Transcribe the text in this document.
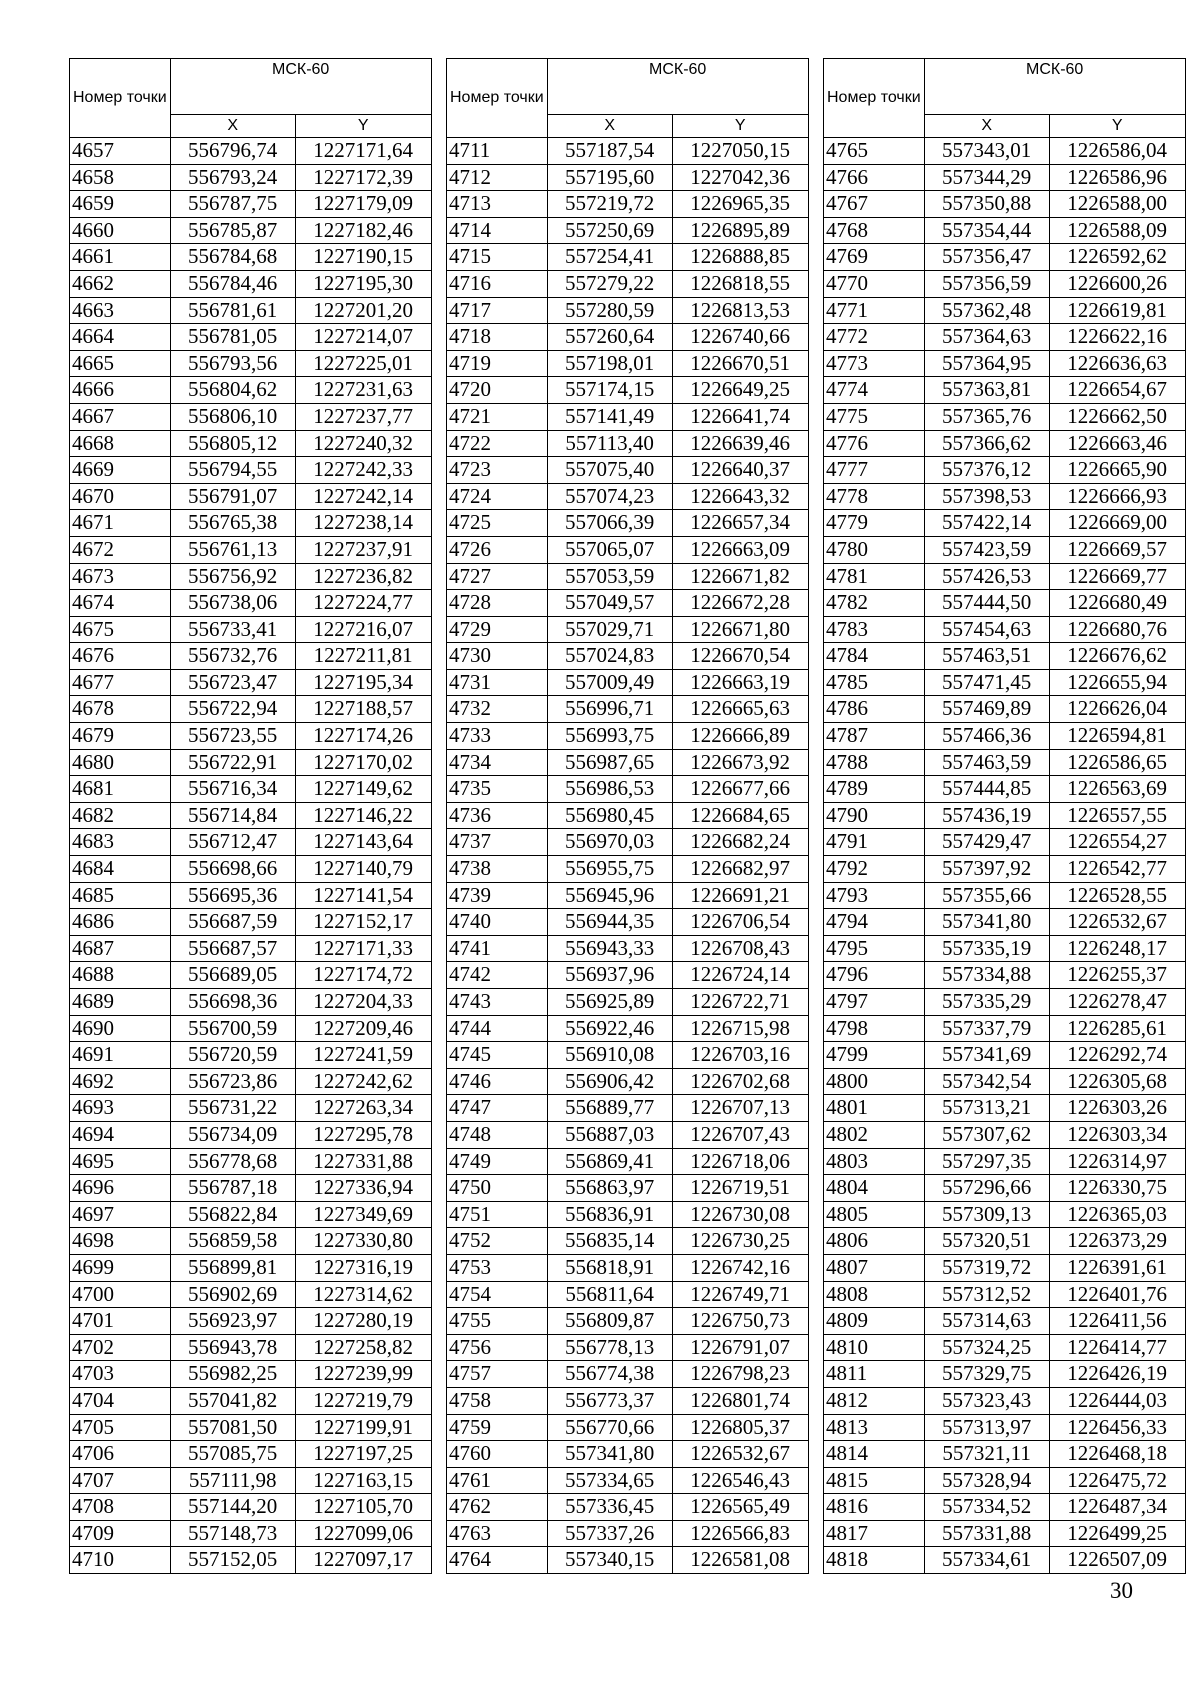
Номер точки	МСК-60	
	X	Y
4657	556796,74	1227171,64
4658	556793,24	1227172,39
4659	556787,75	1227179,09
4660	556785,87	1227182,46
4661	556784,68	1227190,15
4662	556784,46	1227195,30
4663	556781,61	1227201,20
4664	556781,05	1227214,07
4665	556793,56	1227225,01
4666	556804,62	1227231,63
4667	556806,10	1227237,77
4668	556805,12	1227240,32
4669	556794,55	1227242,33
4670	556791,07	1227242,14
4671	556765,38	1227238,14
4672	556761,13	1227237,91
4673	556756,92	1227236,82
4674	556738,06	1227224,77
4675	556733,41	1227216,07
4676	556732,76	1227211,81
4677	556723,47	1227195,34
4678	556722,94	1227188,57
4679	556723,55	1227174,26
4680	556722,91	1227170,02
4681	556716,34	1227149,62
4682	556714,84	1227146,22
4683	556712,47	1227143,64
4684	556698,66	1227140,79
4685	556695,36	1227141,54
4686	556687,59	1227152,17
4687	556687,57	1227171,33
4688	556689,05	1227174,72
4689	556698,36	1227204,33
4690	556700,59	1227209,46
4691	556720,59	1227241,59
4692	556723,86	1227242,62
4693	556731,22	1227263,34
4694	556734,09	1227295,78
4695	556778,68	1227331,88
4696	556787,18	1227336,94
4697	556822,84	1227349,69
4698	556859,58	1227330,80
4699	556899,81	1227316,19
4700	556902,69	1227314,62
4701	556923,97	1227280,19
4702	556943,78	1227258,82
4703	556982,25	1227239,99
4704	557041,82	1227219,79
4705	557081,50	1227199,91
4706	557085,75	1227197,25
4707	557111,98	1227163,15
4708	557144,20	1227105,70
4709	557148,73	1227099,06
4710	557152,05	1227097,17
Номер точки	МСК-60	
	X	Y
4711	557187,54	1227050,15
4712	557195,60	1227042,36
4713	557219,72	1226965,35
4714	557250,69	1226895,89
4715	557254,41	1226888,85
4716	557279,22	1226818,55
4717	557280,59	1226813,53
4718	557260,64	1226740,66
4719	557198,01	1226670,51
4720	557174,15	1226649,25
4721	557141,49	1226641,74
4722	557113,40	1226639,46
4723	557075,40	1226640,37
4724	557074,23	1226643,32
4725	557066,39	1226657,34
4726	557065,07	1226663,09
4727	557053,59	1226671,82
4728	557049,57	1226672,28
4729	557029,71	1226671,80
4730	557024,83	1226670,54
4731	557009,49	1226663,19
4732	556996,71	1226665,63
4733	556993,75	1226666,89
4734	556987,65	1226673,92
4735	556986,53	1226677,66
4736	556980,45	1226684,65
4737	556970,03	1226682,24
4738	556955,75	1226682,97
4739	556945,96	1226691,21
4740	556944,35	1226706,54
4741	556943,33	1226708,43
4742	556937,96	1226724,14
4743	556925,89	1226722,71
4744	556922,46	1226715,98
4745	556910,08	1226703,16
4746	556906,42	1226702,68
4747	556889,77	1226707,13
4748	556887,03	1226707,43
4749	556869,41	1226718,06
4750	556863,97	1226719,51
4751	556836,91	1226730,08
4752	556835,14	1226730,25
4753	556818,91	1226742,16
4754	556811,64	1226749,71
4755	556809,87	1226750,73
4756	556778,13	1226791,07
4757	556774,38	1226798,23
4758	556773,37	1226801,74
4759	556770,66	1226805,37
4760	557341,80	1226532,67
4761	557334,65	1226546,43
4762	557336,45	1226565,49
4763	557337,26	1226566,83
4764	557340,15	1226581,08
Номер точки	МСК-60	
	X	Y
4765	557343,01	1226586,04
4766	557344,29	1226586,96
4767	557350,88	1226588,00
4768	557354,44	1226588,09
4769	557356,47	1226592,62
4770	557356,59	1226600,26
4771	557362,48	1226619,81
4772	557364,63	1226622,16
4773	557364,95	1226636,63
4774	557363,81	1226654,67
4775	557365,76	1226662,50
4776	557366,62	1226663,46
4777	557376,12	1226665,90
4778	557398,53	1226666,93
4779	557422,14	1226669,00
4780	557423,59	1226669,57
4781	557426,53	1226669,77
4782	557444,50	1226680,49
4783	557454,63	1226680,76
4784	557463,51	1226676,62
4785	557471,45	1226655,94
4786	557469,89	1226626,04
4787	557466,36	1226594,81
4788	557463,59	1226586,65
4789	557444,85	1226563,69
4790	557436,19	1226557,55
4791	557429,47	1226554,27
4792	557397,92	1226542,77
4793	557355,66	1226528,55
4794	557341,80	1226532,67
4795	557335,19	1226248,17
4796	557334,88	1226255,37
4797	557335,29	1226278,47
4798	557337,79	1226285,61
4799	557341,69	1226292,74
4800	557342,54	1226305,68
4801	557313,21	1226303,26
4802	557307,62	1226303,34
4803	557297,35	1226314,97
4804	557296,66	1226330,75
4805	557309,13	1226365,03
4806	557320,51	1226373,29
4807	557319,72	1226391,61
4808	557312,52	1226401,76
4809	557314,63	1226411,56
4810	557324,25	1226414,77
4811	557329,75	1226426,19
4812	557323,43	1226444,03
4813	557313,97	1226456,33
4814	557321,11	1226468,18
4815	557328,94	1226475,72
4816	557334,52	1226487,34
4817	557331,88	1226499,25
4818	557334,61	1226507,09
30
